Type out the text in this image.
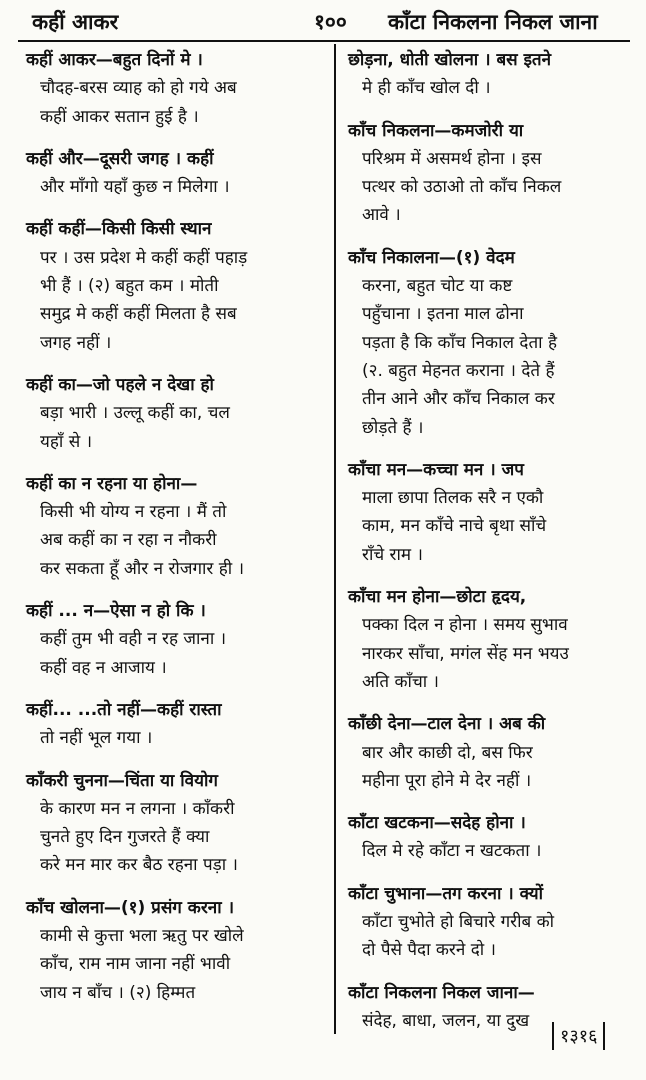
कहीं आकर	१०० काँटा निकलना निकल जाना
कहीं आकर—बहुत दिनों मे ।
चौदह-बरस व्याह को हो गये अब
कहीं आकर सतान हुई है ।
कहीं और—दूसरी जगह । कहीं
और माँगो यहाँ कुछ न मिलेगा ।
कहीं कहीं—किसी किसी स्थान
पर । उस प्रदेश मे कहीं कहीं पहाड़
भी हैं । (२) बहुत कम । मोती
समुद्र मे कहीं कहीं मिलता है सब
जगह नहीं ।
कहीं का—जो पहले न देखा हो
बड़ा भारी । उल्लू कहीं का, चल
यहाँ से ।
कहीं का न रहना या होना—
किसी भी योग्य न रहना । मैं तो
अब कहीं का न रहा न नौकरी
कर सकता हूँ और न रोजगार ही ।
कहीं ... न—ऐसा न हो कि ।
कहीं तुम भी वही न रह जाना ।
कहीं वह न आजाय ।
कहीं... ...तो नहीं—कहीं रास्ता
तो नहीं भूल गया ।
काँकरी चुनना—चिंता या वियोग
के कारण मन न लगना । काँकरी
चुनते हुए दिन गुजरते हैं क्या
करे मन मार कर बैठ रहना पड़ा ।
काँच खोलना—(१) प्रसंग करना ।
कामी से कुत्ता भला ऋतु पर खोले
काँच, राम नाम जाना नहीं भावी
जाय न बाँच । (२) हिम्मत
छोड़ना, धोती खोलना । बस इतने
मे ही काँच खोल दी ।
काँच निकलना—कमजोरी या
परिश्रम में असमर्थ होना । इस
पत्थर को उठाओ तो काँच निकल
आवे ।
काँच निकालना—(१) वेदम
करना, बहुत चोट या कष्ट
पहुँचाना । इतना माल ढोना
पड़ता है कि काँच निकाल देता है
(२. बहुत मेहनत कराना । देते हैं
तीन आने और काँच निकाल कर
छोड़ते हैं ।
काँचा मन—कच्चा मन । जप
माला छापा तिलक सरै न एकौ
काम, मन काँचे नाचे बृथा साँचे
राँचे राम ।
काँचा मन होना—छोटा हृदय,
पक्का दिल न होना । समय सुभाव
नारकर साँचा, मगंल सेंह मन भयउ
अति काँचा ।
काँछी देना—टाल देना । अब की
बार और काछी दो, बस फिर
महीना पूरा होने मे देर नहीं ।
काँटा खटकना—सदेह होना ।
दिल मे रहे काँटा न खटकता ।
काँटा चुभाना—तग करना । क्यों
काँटा चुभोते हो बिचारे गरीब को
दो पैसे पैदा करने दो ।
काँटा निकलना निकल जाना—
संदेह, बाधा, जलन, या दुख
१३१६
